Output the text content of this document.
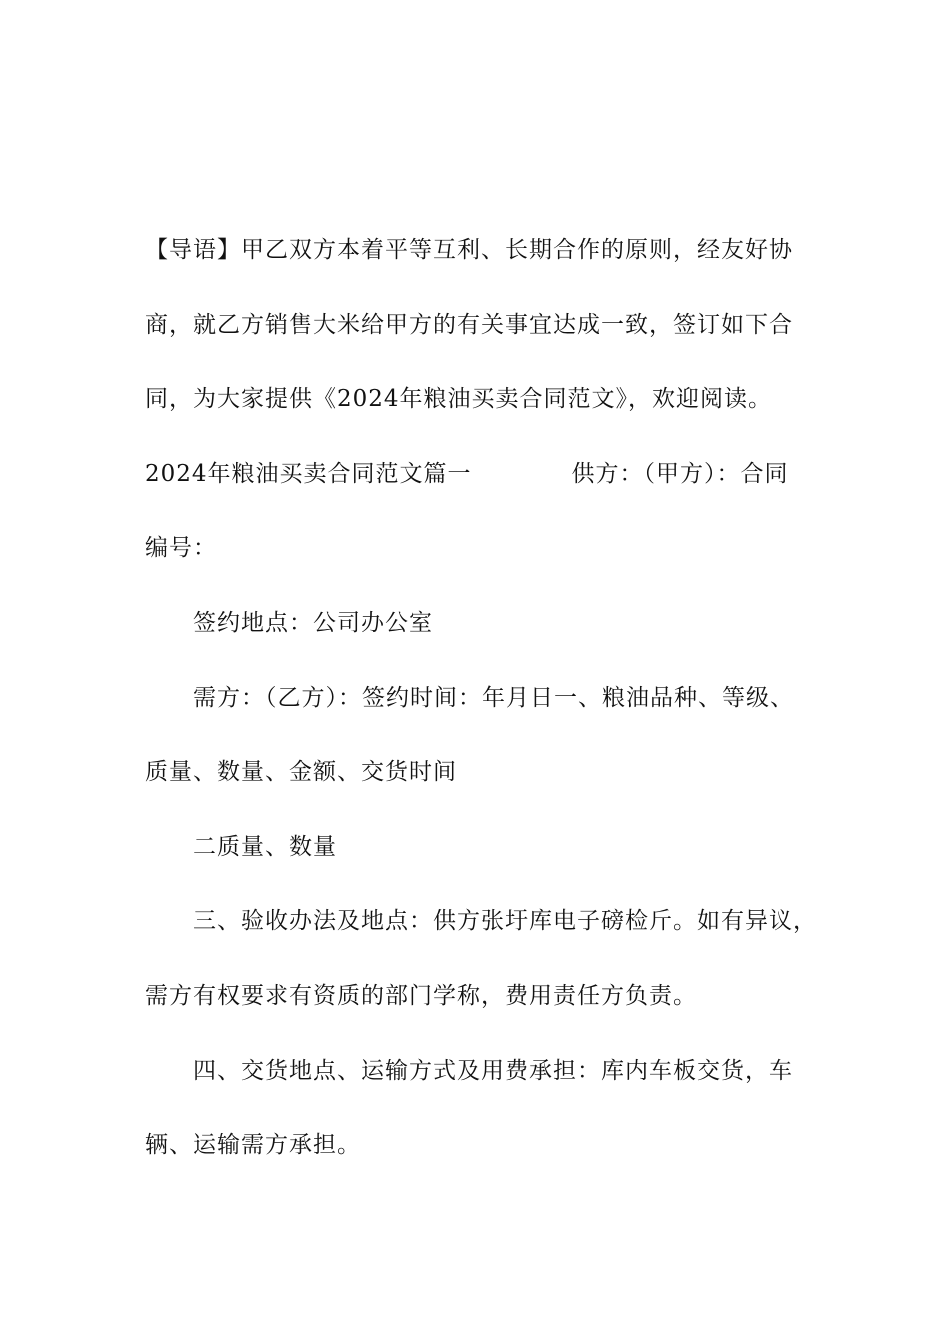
【导语】甲乙双方本着平等互利、长期合作的原则，经友好协
商，就乙方销售大米给甲方的有关事宜达成一致，签订如下合
同，为大家提供《2024年粮油买卖合同范文》，欢迎阅读。
2024年粮油买卖合同范文篇一	供方：（甲方）：合同
编号：
签约地点：公司办公室
需方：（乙方）：签约时间：年月日一、粮油品种、等级、
质量、数量、金额、交货时间
二质量、数量
三、验收办法及地点：供方张圩库电子磅检斤。如有异议，
需方有权要求有资质的部门学称，费用责任方负责。
四、交货地点、运输方式及用费承担：库内车板交货，车
辆、运输需方承担。
